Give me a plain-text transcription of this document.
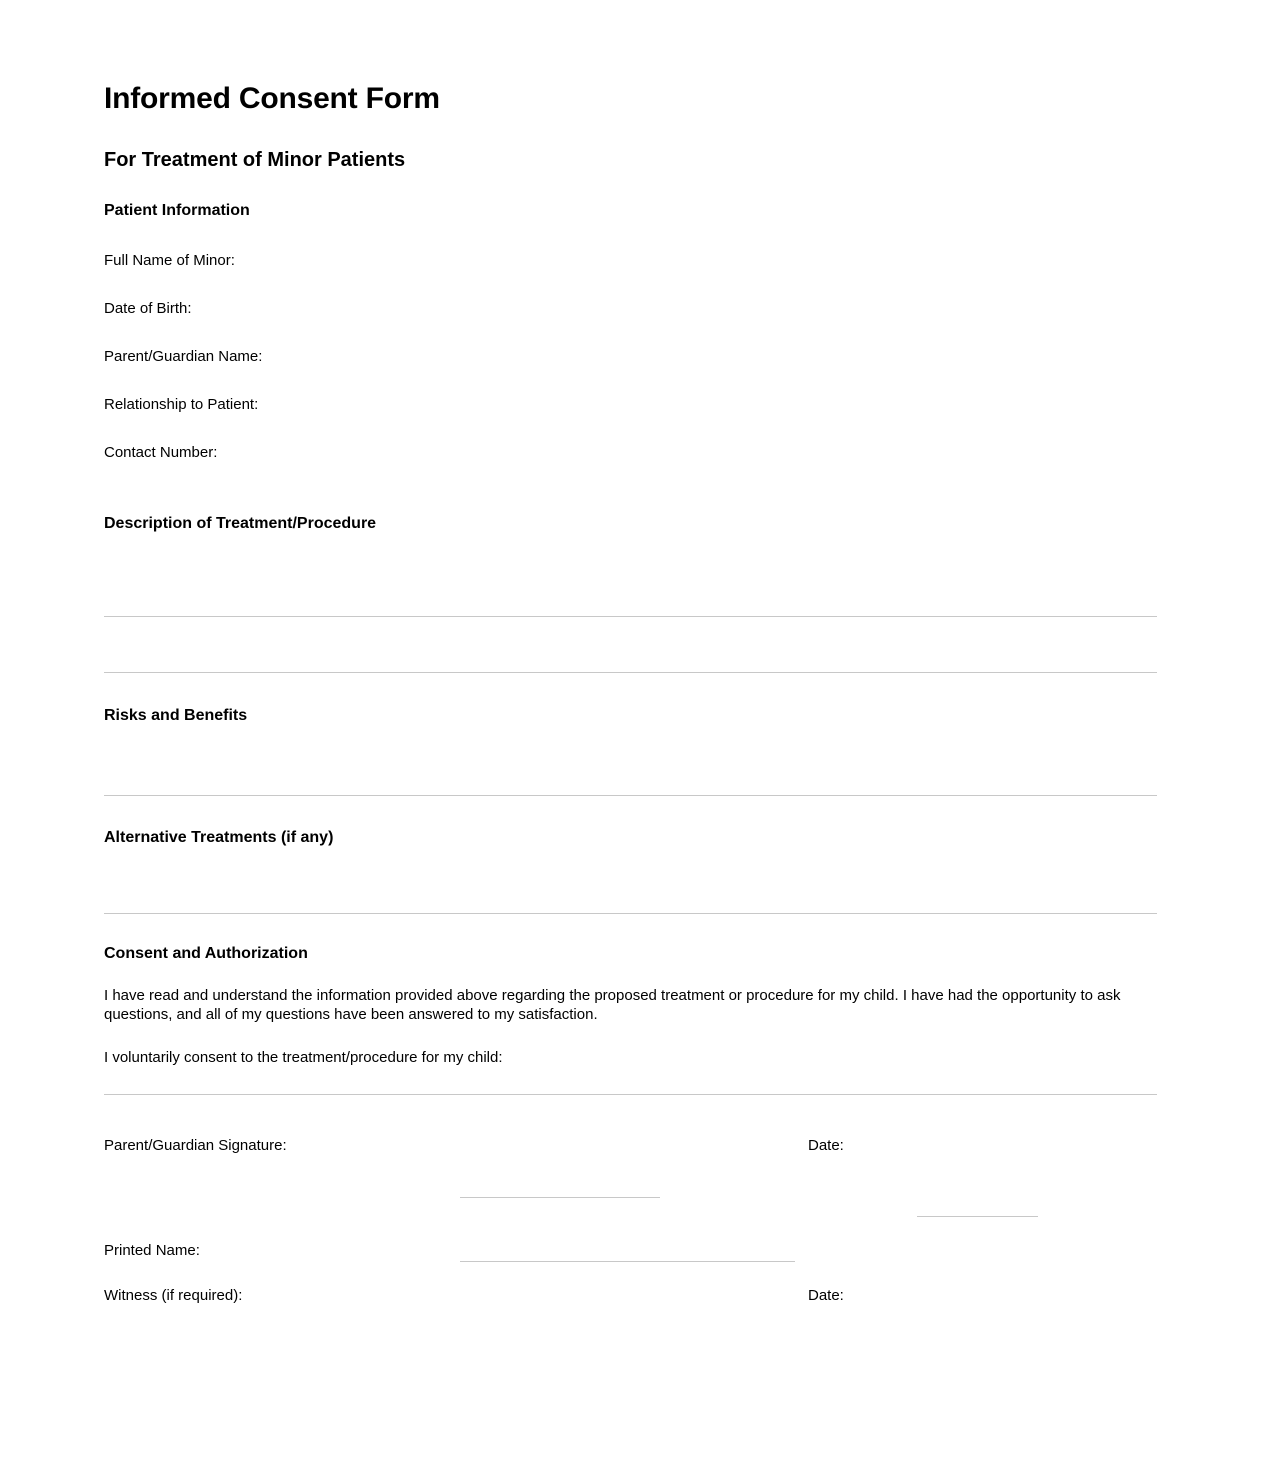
Informed Consent Form
For Treatment of Minor Patients
Patient Information

Full Name of Minor:

Date of Birth:

Parent/Guardian Name:

Relationship to Patient:

Contact Number:

Description of Treatment/Procedure
Risks and Benefits
Alternative Treatments (if any)
Consent and Authorization

I have read and understand the information provided above regarding the proposed treatment or procedure for my child. I have had the opportunity to ask questions, and all of my questions have been answered to my satisfaction.

I voluntarily consent to the treatment/procedure for my child:

Parent/Guardian Signature:	Date:
Printed Name:
Witness (if required):	Date:
